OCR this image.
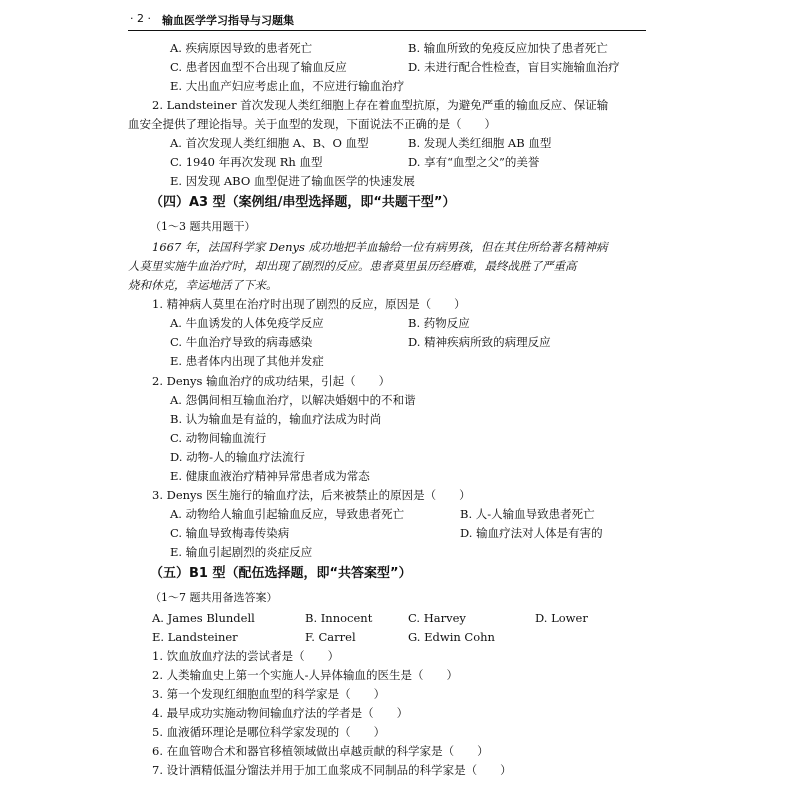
· 2 · 输血医学学习指导与习题集
A. 疾病原因导致的患者死亡	B. 输血所致的免疫反应加快了患者死亡
C. 患者因血型不合出现了输血反应	D. 未进行配合性检查，盲目实施输血治疗
E. 大出血产妇应考虑止血，不应进行输血治疗
2. Landsteiner 首次发现人类红细胞上存在着血型抗原，为避免严重的输血反应、保证输
血安全提供了理论指导。关于血型的发现，下面说法不正确的是（　　）
A. 首次发现人类红细胞 A、B、O 血型	B. 发现人类红细胞 AB 血型
C. 1940 年再次发现 Rh 血型	D. 享有“血型之父”的美誉
E. 因发现 ABO 血型促进了输血医学的快速发展
（四）A3 型（案例组/串型选择题，即“共题干型”）
（1～3 题共用题干）
1667 年，法国科学家 Denys 成功地把羊血输给一位有病男孩，但在其住所给著名精神病
人莫里实施牛血治疗时，却出现了剧烈的反应。患者莫里虽历经磨难，最终战胜了严重高
烧和休克，幸运地活了下来。
1. 精神病人莫里在治疗时出现了剧烈的反应，原因是（　　）
A. 牛血诱发的人体免疫学反应	B. 药物反应
C. 牛血治疗导致的病毒感染	D. 精神疾病所致的病理反应
E. 患者体内出现了其他并发症
2. Denys 输血治疗的成功结果，引起（　　）
A. 怨偶间相互输血治疗，以解决婚姻中的不和谐
B. 认为输血是有益的，输血疗法成为时尚
C. 动物间输血流行
D. 动物-人的输血疗法流行
E. 健康血液治疗精神异常患者成为常态
3. Denys 医生施行的输血疗法，后来被禁止的原因是（　　）
A. 动物给人输血引起输血反应，导致患者死亡	B. 人-人输血导致患者死亡
C. 输血导致梅毒传染病	D. 输血疗法对人体是有害的
E. 输血引起剧烈的炎症反应
（五）B1 型（配伍选择题，即“共答案型”）
（1～7 题共用备选答案）
A. James Blundell	B. Innocent	C. Harvey	D. Lower
E. Landsteiner	F. Carrel	G. Edwin Cohn
1. 饮血放血疗法的尝试者是（　　）
2. 人类输血史上第一个实施人-人异体输血的医生是（　　）
3. 第一个发现红细胞血型的科学家是（　　）
4. 最早成功实施动物间输血疗法的学者是（　　）
5. 血液循环理论是哪位科学家发现的（　　）
6. 在血管吻合术和器官移植领域做出卓越贡献的科学家是（　　）
7. 设计酒精低温分馏法并用于加工血浆成不同制品的科学家是（　　）
